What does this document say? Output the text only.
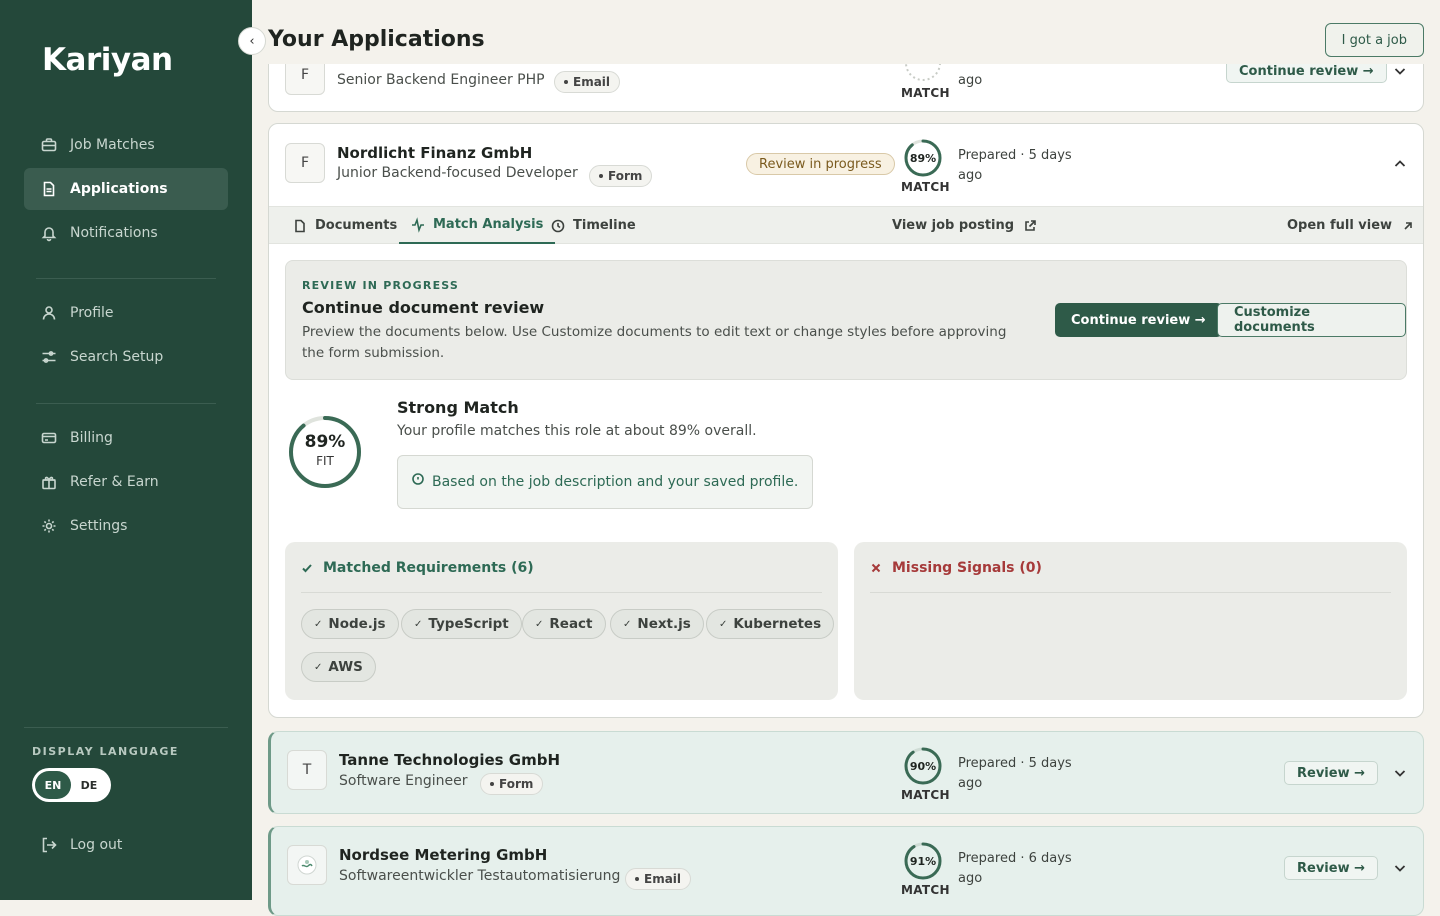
Kariyan
Job Matches
Applications
Notifications
Profile
Search Setup
Billing
Refer & Earn
Settings
DISPLAY LANGUAGE
EN	DE
Log out
F	Senior Backend Engineer PHP Email
MATCH
ago
Continue review →
Your Applications	I got a job
‹
F
Nordlicht Finanz GmbH
Junior Backend-focused Developer	Form
Review in progress	89%
MATCH
Prepared · 5 days ago
Documents	Match Analysis Timeline	View job posting	Open full view
REVIEW IN PROGRESS
Continue document review
Preview the documents below. Use Customize documents to edit text or change styles before approving the form submission.
Continue review →	Customize documents
89%
FIT
Strong Match
Your profile matches this role at about 89% overall.
Based on the job description and your saved profile.
Matched Requirements (6)
✓ Node.js	✓ TypeScript	✓ React	✓ Next.js	✓ Kubernetes
✓ AWS
Missing Signals (0)
T
Tanne Technologies GmbH
Software Engineer	Form
90%
MATCH
Prepared · 5 days ago
Review →
Nordsee Metering GmbH
Softwareentwickler Testautomatisierung Email
91%
MATCH
Prepared · 6 days ago
Review →
